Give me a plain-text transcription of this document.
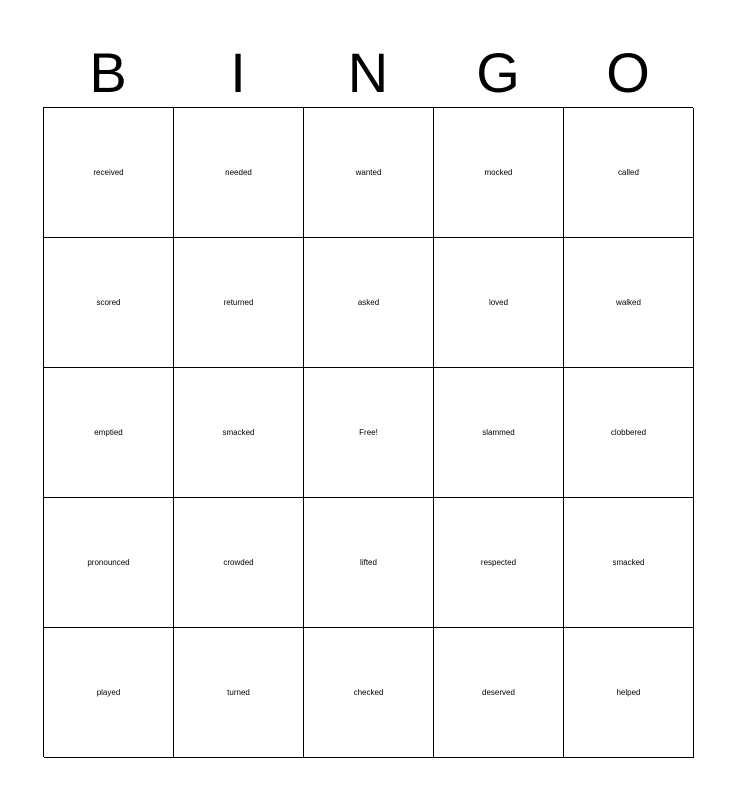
B	I	N	G	O
received	needed	wanted	mocked	called
scored	returned	asked	loved	walked
emptied	smacked	Free!	slammed	clobbered
pronounced	crowded	lifted	respected	smacked
played	turned	checked	deserved	helped
